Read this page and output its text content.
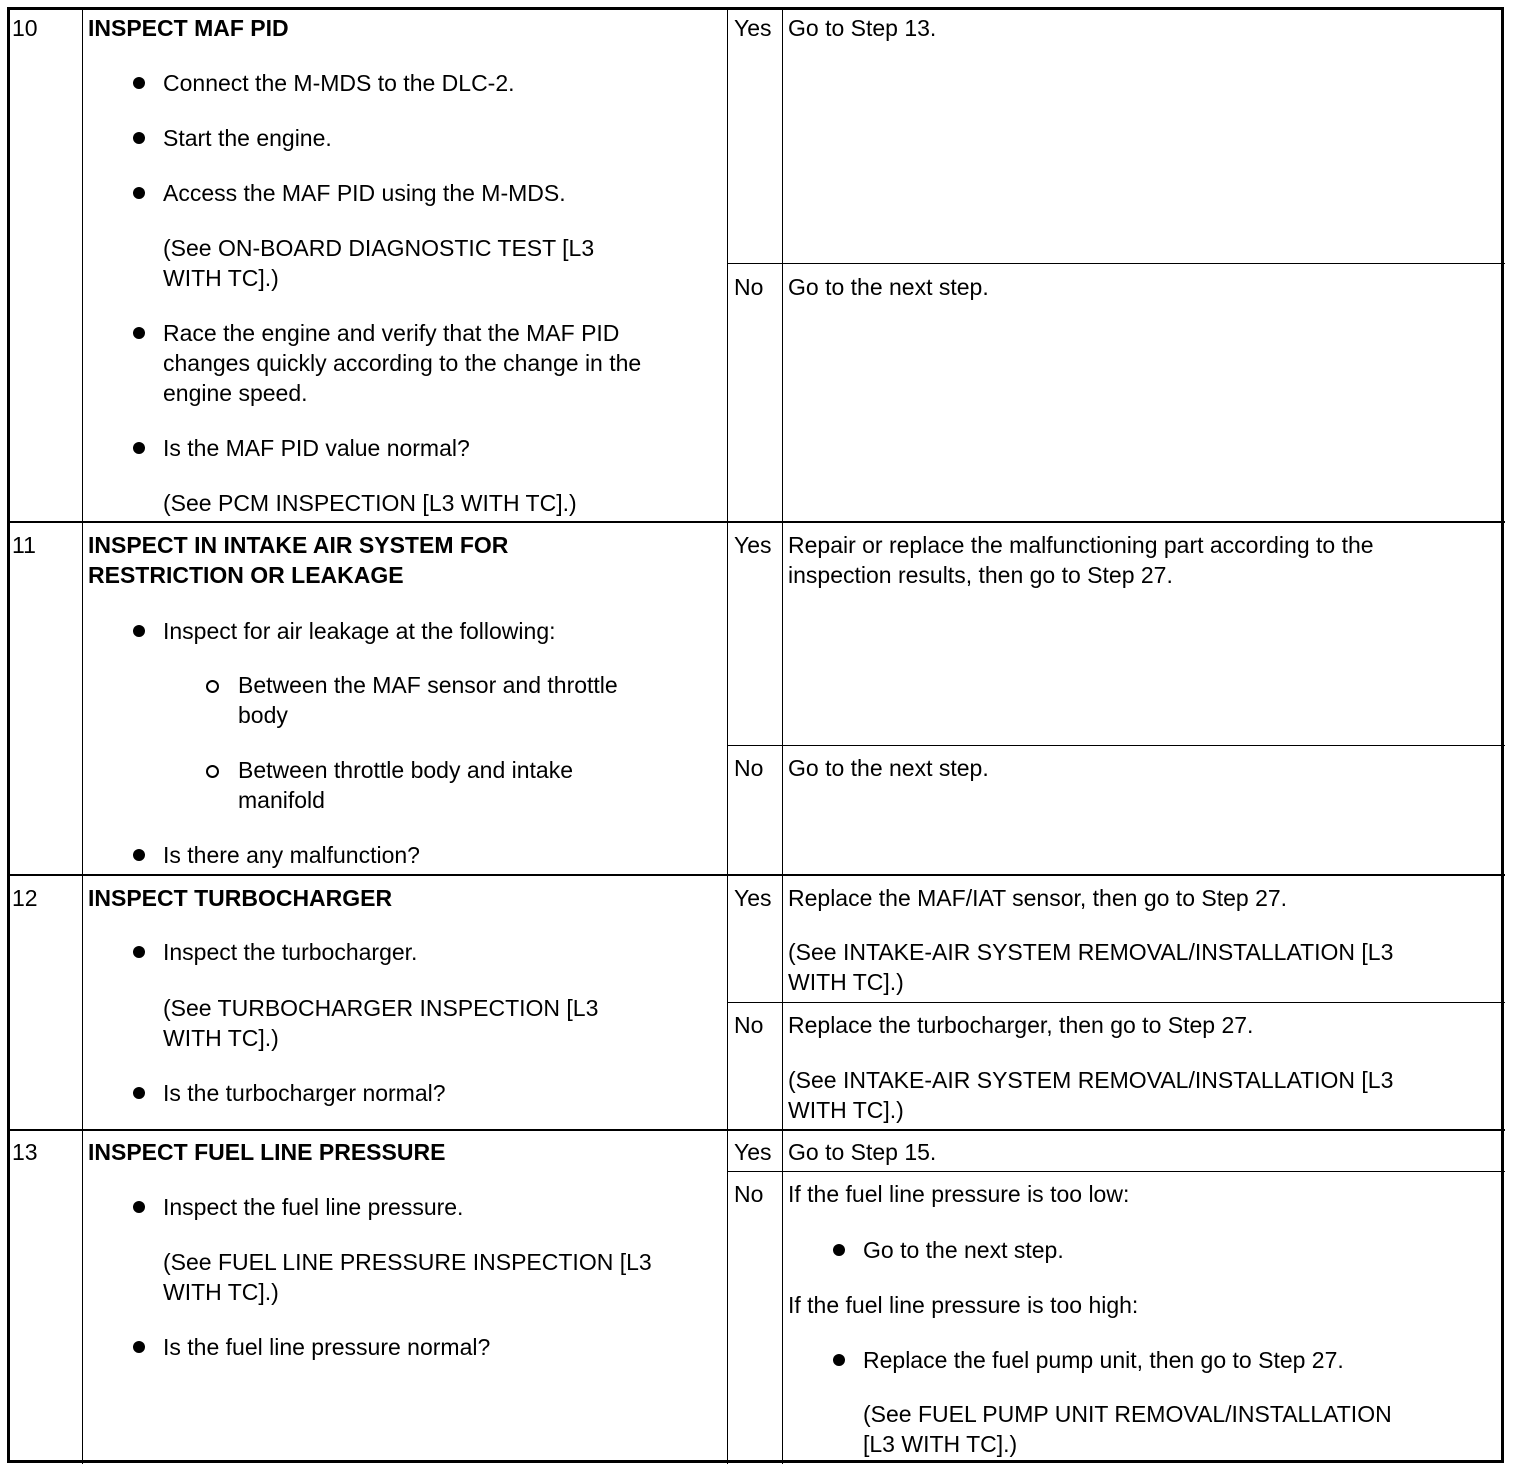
10 INSPECT MAF PID
Connect the M-MDS to the DLC-2.
Start the engine.
Access the MAF PID using the M-MDS.
(See ON-BOARD DIAGNOSTIC TEST [L3
WITH TC].)
Race the engine and verify that the MAF PID
changes quickly according to the change in the
engine speed.
Is the MAF PID value normal?
(See PCM INSPECTION [L3 WITH TC].)
Yes Go to Step 13.
No Go to the next step.
11 INSPECT IN INTAKE AIR SYSTEM FOR
RESTRICTION OR LEAKAGE
Inspect for air leakage at the following:
Between the MAF sensor and throttle
body
Between throttle body and intake
manifold
Is there any malfunction?
Yes Repair or replace the malfunctioning part according to the
inspection results, then go to Step 27.
No Go to the next step.
12 INSPECT TURBOCHARGER
Inspect the turbocharger.
(See TURBOCHARGER INSPECTION [L3
WITH TC].)
Is the turbocharger normal?
Yes Replace the MAF/IAT sensor, then go to Step 27.
(See INTAKE-AIR SYSTEM REMOVAL/INSTALLATION [L3
WITH TC].)
No Replace the turbocharger, then go to Step 27.
(See INTAKE-AIR SYSTEM REMOVAL/INSTALLATION [L3
WITH TC].)
13 INSPECT FUEL LINE PRESSURE
Inspect the fuel line pressure.
(See FUEL LINE PRESSURE INSPECTION [L3
WITH TC].)
Is the fuel line pressure normal?
Yes Go to Step 15.
No If the fuel line pressure is too low:
Go to the next step.
If the fuel line pressure is too high:
Replace the fuel pump unit, then go to Step 27.
(See FUEL PUMP UNIT REMOVAL/INSTALLATION
[L3 WITH TC].)
